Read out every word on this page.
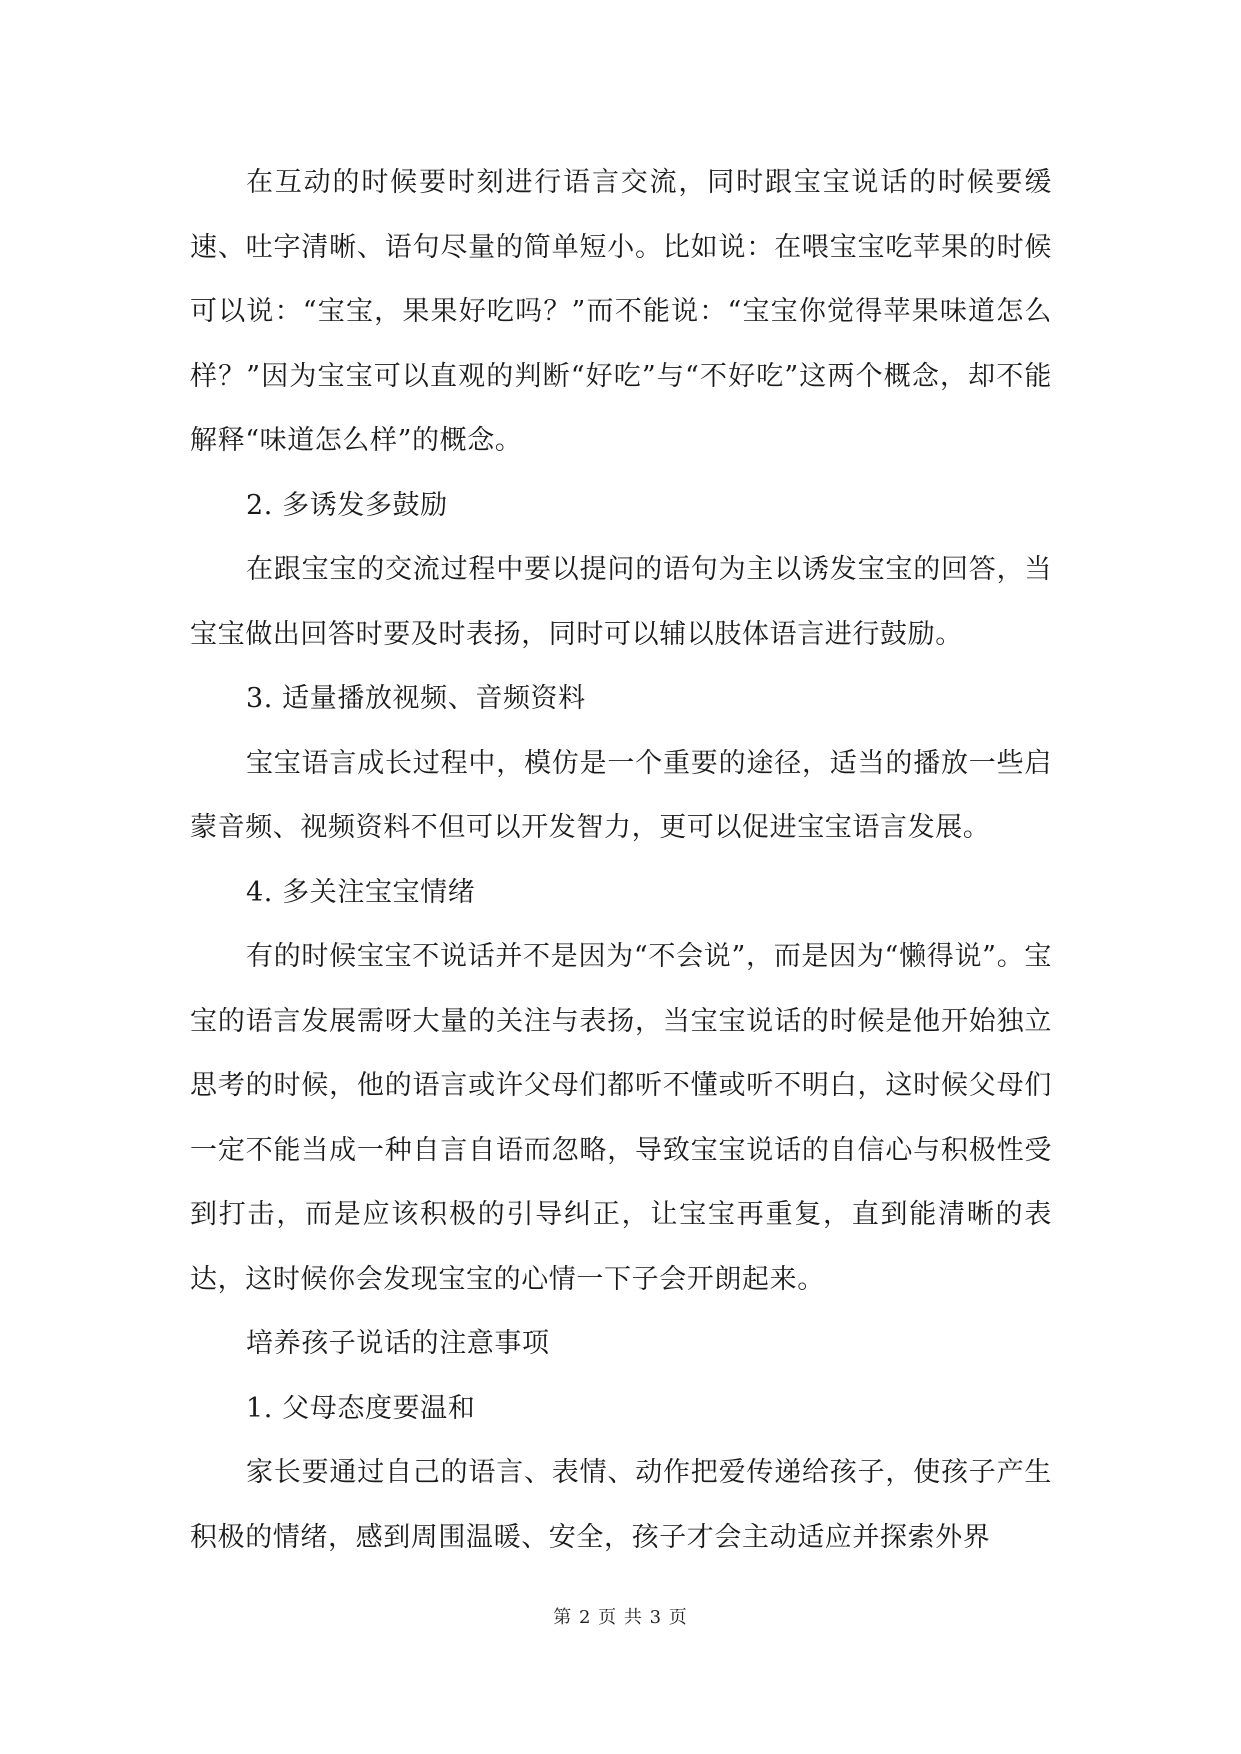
在互动的时候要时刻进行语言交流，同时跟宝宝说话的时候要缓速、吐字清晰、语句尽量的简单短小。比如说：在喂宝宝吃苹果的时候可以说：“宝宝，果果好吃吗？”而不能说：“宝宝你觉得苹果味道怎么样？”因为宝宝可以直观的判断“好吃”与“不好吃”这两个概念，却不能解释“味道怎么样”的概念。

2. 多诱发多鼓励

在跟宝宝的交流过程中要以提问的语句为主以诱发宝宝的回答，当宝宝做出回答时要及时表扬，同时可以辅以肢体语言进行鼓励。

3. 适量播放视频、音频资料

宝宝语言成长过程中，模仿是一个重要的途径，适当的播放一些启蒙音频、视频资料不但可以开发智力，更可以促进宝宝语言发展。

4. 多关注宝宝情绪

有的时候宝宝不说话并不是因为“不会说”，而是因为“懒得说”。宝宝的语言发展需呀大量的关注与表扬，当宝宝说话的时候是他开始独立思考的时候，他的语言或许父母们都听不懂或听不明白，这时候父母们一定不能当成一种自言自语而忽略，导致宝宝说话的自信心与积极性受到打击，而是应该积极的引导纠正，让宝宝再重复，直到能清晰的表达，这时候你会发现宝宝的心情一下子会开朗起来。

培养孩子说话的注意事项

1. 父母态度要温和

家长要通过自己的语言、表情、动作把爱传递给孩子，使孩子产生积极的情绪，感到周围温暖、安全，孩子才会主动适应并探索外界

第 2 页 共 3 页
